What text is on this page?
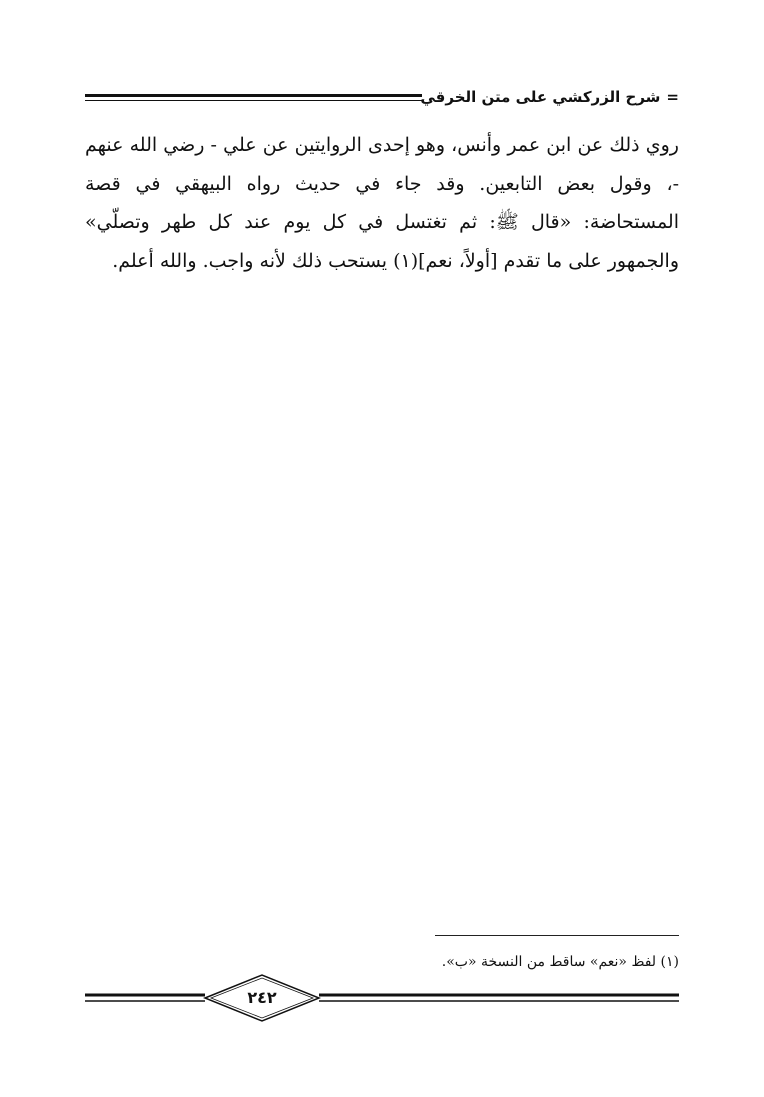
=شرح الزركشي على متن الخرقي

روي ذلك عن ابن عمر وأنس، وهو إحدى الروايتين عن علي - رضي الله عنهم -، وقول بعض التابعين. وقد جاء في حديث رواه البيهقي في قصة المستحاضة: «قال ﷺ: ثم تغتسل في كل يوم عند كل طهر وتصلّي» والجمهور على ما تقدم [أولاً، نعم](١) يستحب ذلك لأنه واجب. والله أعلم.

(١) لفظ «نعم» ساقط من النسخة «ب».
٢٤٢
